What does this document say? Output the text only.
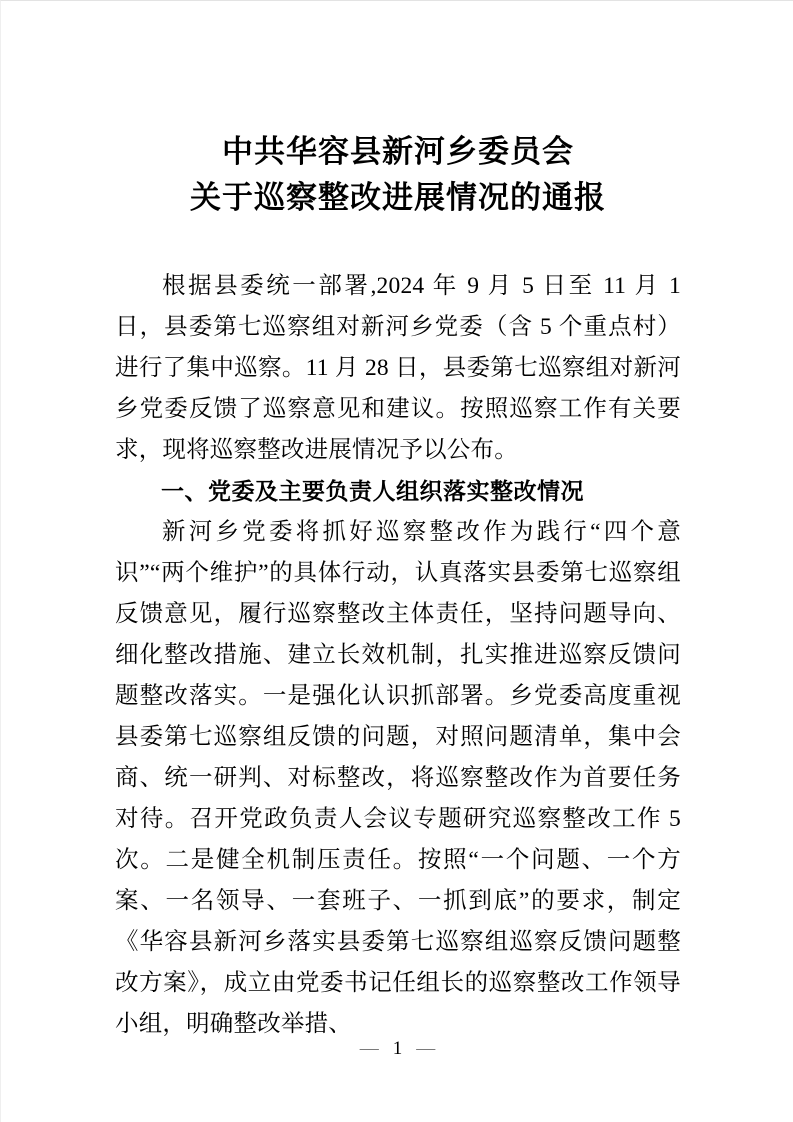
中共华容县新河乡委员会
关于巡察整改进展情况的通报

根据县委统一部署,2024 年 9 月 5 日至 11 月 1 日，县委第七巡察组对新河乡党委（含 5 个重点村）进行了集中巡察。11 月 28 日，县委第七巡察组对新河乡党委反馈了巡察意见和建议。按照巡察工作有关要求，现将巡察整改进展情况予以公布。

一、党委及主要负责人组织落实整改情况

新河乡党委将抓好巡察整改作为践行“四个意识”“两个维护”的具体行动，认真落实县委第七巡察组反馈意见，履行巡察整改主体责任，坚持问题导向、细化整改措施、建立长效机制，扎实推进巡察反馈问题整改落实。一是强化认识抓部署。乡党委高度重视县委第七巡察组反馈的问题，对照问题清单，集中会商、统一研判、对标整改，将巡察整改作为首要任务对待。召开党政负责人会议专题研究巡察整改工作 5 次。二是健全机制压责任。按照“一个问题、一个方案、一名领导、一套班子、一抓到底”的要求，制定《华容县新河乡落实县委第七巡察组巡察反馈问题整改方案》，成立由党委书记任组长的巡察整改工作领导小组，明确整改举措、

— 1 —
